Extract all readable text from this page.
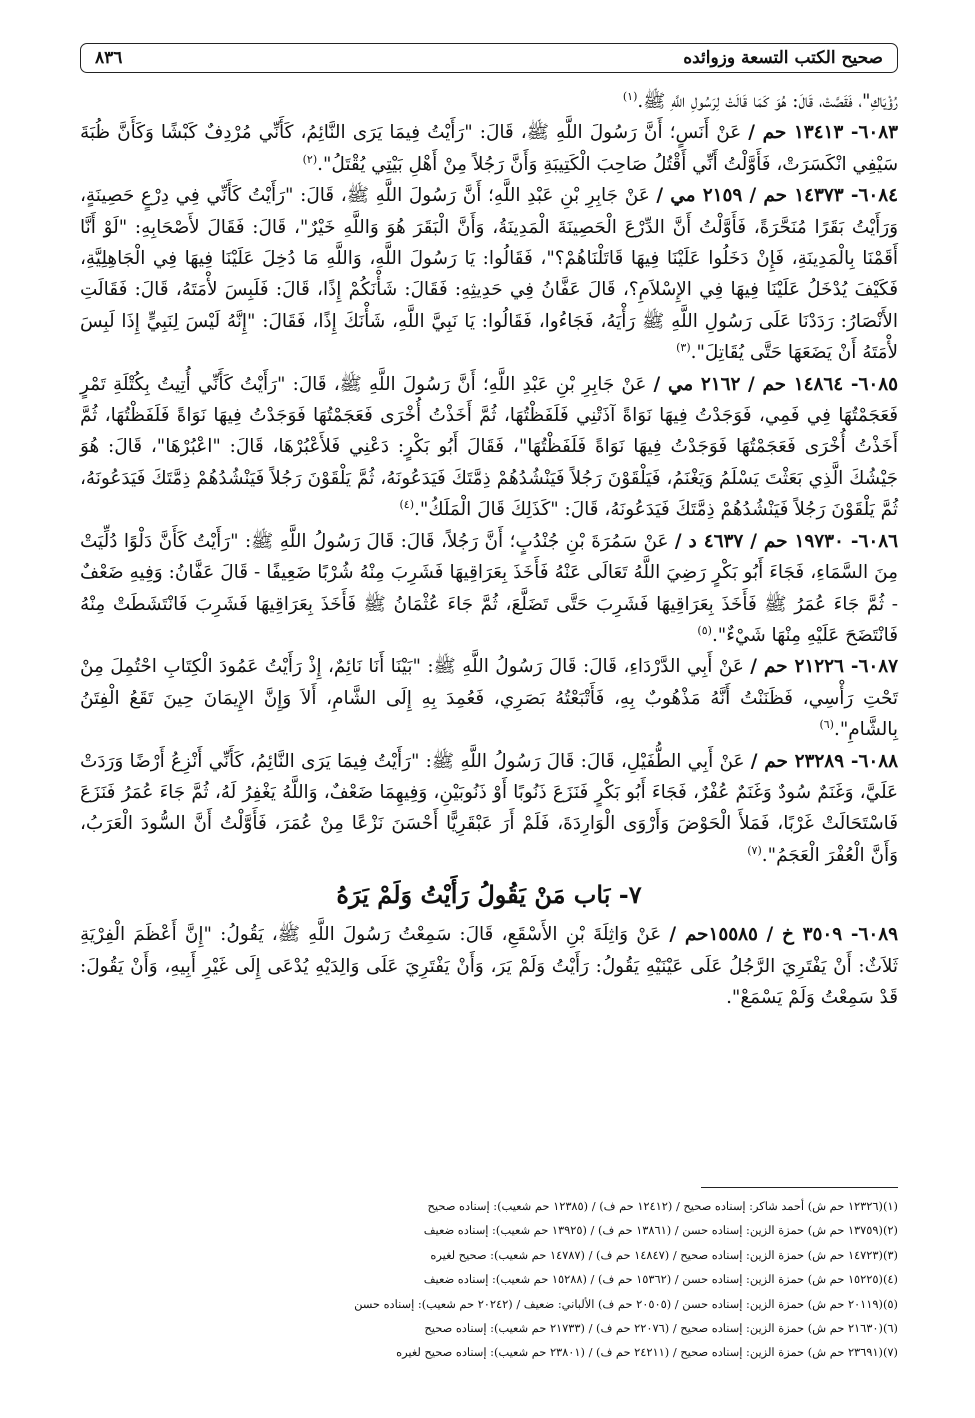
صحيح الكتب التسعة وزوائده
٨٣٦

رُؤْيَاكِ"، فَقَصَّتْ، قَالَ: هُوَ كَمَا قَالَتْ لِرَسُولِ اللَّهِ ﷺ.$^{(١)}$

٦٠٨٣- ١٣٤١٣ حم / عَنْ أَنَسٍ؛ أَنَّ رَسُولَ اللَّهِ ﷺ، قَالَ: "رَأَيْتُ فِيمَا يَرَى النَّائِمُ، كَأَنِّي مُرْدِفٌ كَبْشًا وَكَأَنَّ ظُبَةَ سَيْفِي انْكَسَرَتْ، فَأَوَّلْتُ أَنِّي أَقْتُلُ صَاحِبَ الْكَتِيبَةِ وَأَنَّ رَجُلاً مِنْ أَهْلِ بَيْتِي يُقْتَلُ".$^{(٢)}$

٦٠٨٤- ١٤٣٧٣ حم / ٢١٥٩ مي / عَنْ جَابِرِ بْنِ عَبْدِ اللَّهِ؛ أَنَّ رَسُولَ اللَّهِ ﷺ، قَالَ: "رَأَيْتُ كَأَنِّي فِي دِرْعٍ حَصِينَةٍ، وَرَأَيْتُ بَقَرًا مُنَحَّرَةً، فَأَوَّلْتُ أَنَّ الدِّرْعَ الْحَصِينَةَ الْمَدِينَةُ، وَأَنَّ الْبَقَرَ هُوَ وَاللَّهِ خَيْرٌ"، قَالَ: فَقَالَ لأَصْحَابِهِ: "لَوْ أَنَّا أَقَمْنَا بِالْمَدِينَةِ، فَإِنْ دَخَلُوا عَلَيْنَا فِيهَا قَاتَلْنَاهُمْ؟"، فَقَالُوا: يَا رَسُولَ اللَّهِ، وَاللَّهِ مَا دُخِلَ عَلَيْنَا فِيهَا فِي الْجَاهِلِيَّةِ، فَكَيْفَ يُدْخَلُ عَلَيْنَا فِيهَا فِي الإِسْلاَمِ؟، قَالَ عَفَّانُ فِي حَدِيثِهِ: فَقَالَ: شَأْنَكُمْ إِذًا، قَالَ: فَلَبِسَ لأْمَتَهُ، قَالَ: فَقَالَتِ الأَنْصَارُ: رَدَدْنَا عَلَى رَسُولِ اللَّهِ ﷺ رَأْيَهُ، فَجَاءُوا، فَقَالُوا: يَا نَبِيَّ اللَّهِ، شَأْنَكَ إِذًا، فَقَالَ: "إِنَّهُ لَيْسَ لِنَبِيٍّ إِذَا لَبِسَ لأْمَتَهُ أَنْ يَضَعَهَا حَتَّى يُقَاتِلَ".$^{(٣)}$

٦٠٨٥- ١٤٨٦٤ حم / ٢١٦٢ مي / عَنْ جَابِرِ بْنِ عَبْدِ اللَّهِ؛ أَنَّ رَسُولَ اللَّهِ ﷺ، قَالَ: "رَأَيْتُ كَأَنِّي أُتِيتُ بِكُتْلَةِ تَمْرٍ فَعَجَمْتُهَا فِي فَمِي، فَوَجَدْتُ فِيهَا نَوَاةً آذَتْنِي فَلَفَظْتُهَا، ثُمَّ أَخَذْتُ أُخْرَى فَعَجَمْتُهَا فَوَجَدْتُ فِيهَا نَوَاةً فَلَفَظْتُهَا، ثُمَّ أَخَذْتُ أُخْرَى فَعَجَمْتُهَا فَوَجَدْتُ فِيهَا نَوَاةً فَلَفَظْتُهَا"، فَقَالَ أَبُو بَكْرٍ: دَعْنِي فَلأَعْبُرْهَا، قَالَ: "اعْبُرْهَا"، قَالَ: هُوَ جَيْشُكَ الَّذِي بَعَثْتَ يَسْلَمُ وَيَغْنَمُ، فَيَلْقَوْنَ رَجُلاً فَيَنْشُدُهُمْ ذِمَّتَكَ فَيَدَعُونَهُ، ثُمَّ يَلْقَوْنَ رَجُلاً فَيَنْشُدُهُمْ ذِمَّتَكَ فَيَدَعُونَهُ، ثُمَّ يَلْقَوْنَ رَجُلاً فَيَنْشُدُهُمْ ذِمَّتَكَ فَيَدَعُونَهُ، قَالَ: "كَذَلِكَ قَالَ الْمَلَكُ".$^{(٤)}$

٦٠٨٦- ١٩٧٣٠ حم / ٤٦٣٧ د / عَنْ سَمُرَةَ بْنِ جُنْدُبٍ؛ أَنَّ رَجُلاً، قَالَ: قَالَ رَسُولُ اللَّهِ ﷺ: "رَأَيْتُ كَأَنَّ دَلْوًا دُلِّيَتْ مِنَ السَّمَاءِ، فَجَاءَ أَبُو بَكْرٍ رَضِيَ اللَّهُ تَعَالَى عَنْهُ فَأَخَذَ بِعَرَاقِيهَا فَشَرِبَ مِنْهُ شُرْبًا ضَعِيفًا - قَالَ عَفَّانُ: وَفِيهِ ضَعْفٌ - ثُمَّ جَاءَ عُمَرُ ﷺ فَأَخَذَ بِعَرَاقِيهَا فَشَرِبَ حَتَّى تَضَلَّعَ، ثُمَّ جَاءَ عُثْمَانُ ﷺ فَأَخَذَ بِعَرَاقِيهَا فَشَرِبَ فَانْتَشَطَتْ مِنْهُ فَانْتَضَحَ عَلَيْهِ مِنْهَا شَيْءٌ".$^{(٥)}$

٦٠٨٧- ٢١٢٢٦ حم / عَنْ أَبِي الدَّرْدَاءِ، قَالَ: قَالَ رَسُولُ اللَّهِ ﷺ: "بَيْنَا أَنَا نَائِمٌ، إِذْ رَأَيْتُ عَمُودَ الْكِتَابِ احْتُمِلَ مِنْ تَحْتِ رَأْسِي، فَظَنَنْتُ أَنَّهُ مَذْهُوبٌ بِهِ، فَأَتْبَعْتُهُ بَصَرِي، فَعُمِدَ بِهِ إِلَى الشَّامِ، أَلاَ وَإِنَّ الإِيمَانَ حِينَ تَقَعُ الْفِتَنُ بِالشَّامِ".$^{(٦)}$

٦٠٨٨- ٢٣٢٨٩ حم / عَنْ أَبِي الطُّفَيْلِ، قَالَ: قَالَ رَسُولُ اللَّهِ ﷺ: "رَأَيْتُ فِيمَا يَرَى النَّائِمُ، كَأَنِّي أَنْزِعُ أَرْضًا وَرَدَتْ عَلَيَّ، وَغَنَمٌ سُودٌ وَغَنَمٌ عُفْرٌ، فَجَاءَ أَبُو بَكْرٍ فَنَزَعَ ذَنُوبًا أَوْ ذَنُوبَيْنِ، وَفِيهِمَا ضَعْفٌ، وَاللَّهُ يَغْفِرُ لَهُ، ثُمَّ جَاءَ عُمَرُ فَنَزَعَ فَاسْتَحَالَتْ غَرْبًا، فَمَلأَ الْحَوْضَ وَأَرْوَى الْوَارِدَةَ، فَلَمْ أَرَ عَبْقَرِيًّا أَحْسَنَ نَزْعًا مِنْ عُمَرَ، فَأَوَّلْتُ أَنَّ السُّودَ الْعَرَبُ، وَأَنَّ الْعُفْرَ الْعَجَمُ".$^{(٧)}$

٧- بَاب مَنْ يَقُولُ رَأَيْتُ وَلَمْ يَرَهُ

٦٠٨٩- ٣٥٠٩ خ / ١٥٥٨٥حم / عَنْ وَاثِلَةَ بْنِ الأَسْقَعِ، قَالَ: سَمِعْتُ رَسُولَ اللَّهِ ﷺ، يَقُولُ: "إِنَّ أَعْظَمَ الْفِرْيَةِ ثَلاَثٌ: أَنْ يَفْتَرِيَ الرَّجُلُ عَلَى عَيْنَيْهِ يَقُولُ: رَأَيْتُ وَلَمْ يَرَ، وَأَنْ يَفْتَرِيَ عَلَى وَالِدَيْهِ يُدْعَى إِلَى غَيْرِ أَبِيهِ، وَأَنْ يَقُولَ: قَدْ سَمِعْتُ وَلَمْ يَسْمَعْ".

(١)(١٢٣٢٦ حم ش) أحمد شاكر: إسناده صحيح / (١٢٤١٢ حم ف) / (١٢٣٨٥ حم شعيب): إسناده صحيح
(٢)(١٣٧٥٩ حم ش) حمزة الزين: إسناده حسن / (١٣٨٦١ حم ف) / (١٣٩٢٥ حم شعيب): إسناده ضعيف
(٣)(١٤٧٢٣ حم ش) حمزة الزين: إسناده صحيح / (١٤٨٤٧ حم ف) / (١٤٧٨٧ حم شعيب): صحيح لغيره
(٤)(١٥٢٢٥ حم ش) حمزة الزين: إسناده حسن / (١٥٣٦٢ حم ف) / (١٥٢٨٨ حم شعيب): إسناده ضعيف
(٥)(٢٠١١٩ حم ش) حمزة الزين: إسناده حسن / (٢٠٥٠٥ حم ف) الألباني: ضعيف / (٢٠٢٤٢ حم شعيب): إسناده حسن
(٦)(٢١٦٣٠ حم ش) حمزة الزين: إسناده صحيح / (٢٢٠٧٦ حم ف) / (٢١٧٣٣ حم شعيب): إسناده صحيح
(٧)(٢٣٦٩١ حم ش) حمزة الزين: إسناده صحيح / (٢٤٢١١ حم ف) / (٢٣٨٠١ حم شعيب): إسناده صحيح لغيره
